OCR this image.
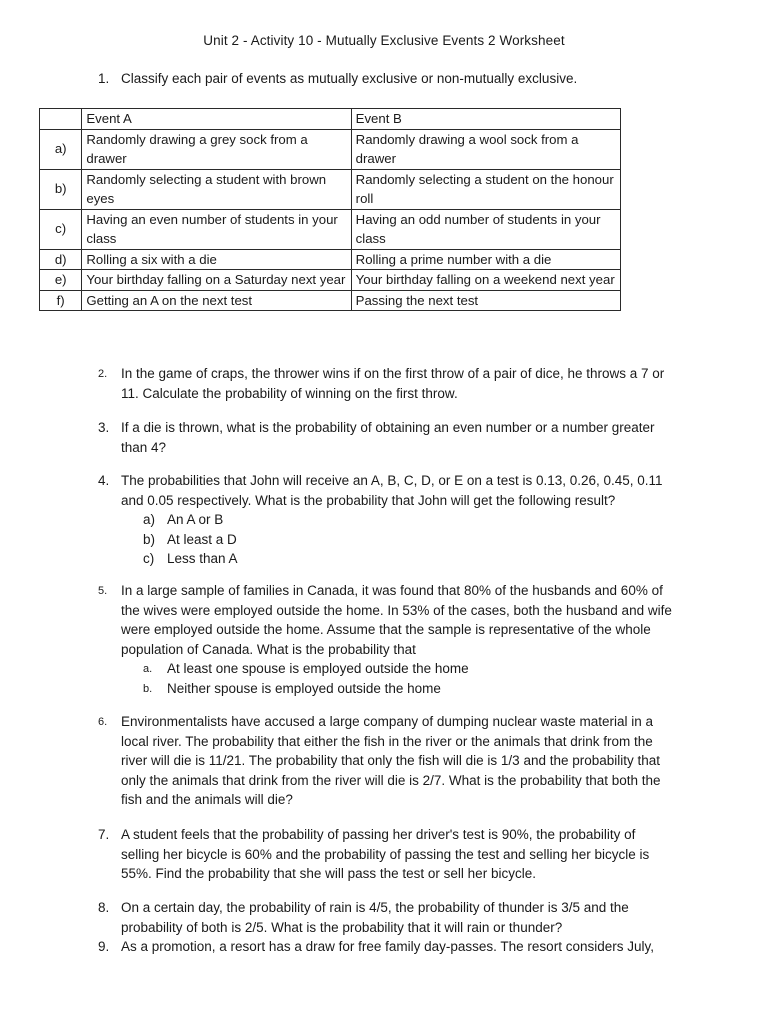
Unit 2 - Activity 10 - Mutually Exclusive Events 2 Worksheet
1. Classify each pair of events as mutually exclusive or non-mutually exclusive.
	Event A	Event B
a)	Randomly drawing a grey sock from a drawer	Randomly drawing a wool sock from a drawer
b)	Randomly selecting a student with brown eyes	Randomly selecting a student on the honour roll
c)	Having an even number of students in your class	Having an odd number of students in your class
d)	Rolling a six with a die	Rolling a prime number with a die
e)	Your birthday falling on a Saturday next year	Your birthday falling on a weekend next year
f)	Getting an A on the next test	Passing the next test
2.	In the game of craps, the thrower wins if on the first throw of a pair of dice, he throws a 7 or 11. Calculate the probability of winning on the first throw.
3. If a die is thrown, what is the probability of obtaining an even number or a number greater than 4?
4. The probabilities that John will receive an A, B, C, D, or E on a test is 0.13, 0.26, 0.45, 0.11 and 0.05 respectively. What is the probability that John will get the following result?
a) An A or B
b) At least a D
c) Less than A
5.	In a large sample of families in Canada, it was found that 80% of the husbands and 60% of the wives were employed outside the home. In 53% of the cases, both the husband and wife were employed outside the home. Assume that the sample is representative of the whole population of Canada. What is the probability that
a.	At least one spouse is employed outside the home
b.	Neither spouse is employed outside the home
6.	Environmentalists have accused a large company of dumping nuclear waste material in a local river. The probability that either the fish in the river or the animals that drink from the river will die is 11/21. The probability that only the fish will die is 1/3 and the probability that only the animals that drink from the river will die is 2/7. What is the probability that both the fish and the animals will die?
7. A student feels that the probability of passing her driver's test is 90%, the probability of selling her bicycle is 60% and the probability of passing the test and selling her bicycle is 55%. Find the probability that she will pass the test or sell her bicycle.
8. On a certain day, the probability of rain is 4/5, the probability of thunder is 3/5 and the probability of both is 2/5. What is the probability that it will rain or thunder?
9. As a promotion, a resort has a draw for free family day-passes. The resort considers July,
